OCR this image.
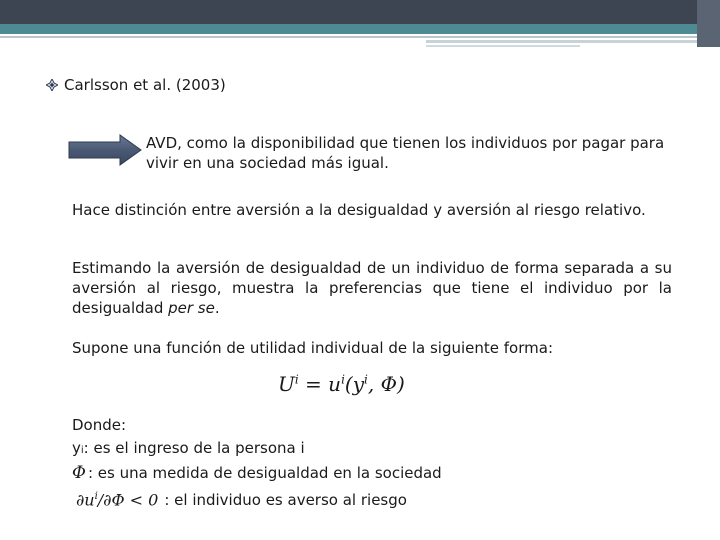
Carlsson et al. (2003)
AVD, como la disponibilidad que tienen los individuos por pagar para vivir en una sociedad más igual.
Hace distinción entre aversión a la desigualdad y aversión al riesgo relativo.
Estimando la aversión de desigualdad de un individuo de forma separada a su aversión al riesgo, muestra la preferencias que tiene el individuo por la desigualdad per se.
Supone una función de utilidad individual de la siguiente forma:
$U^i = u^i(y^i$, Φ)
Donde:
y i : es el ingreso de la persona i
Φ : es una medida de desigualdad en la sociedad
$\partial u^i/\partial\Phi < 0$ : el individuo es averso al riesgo
